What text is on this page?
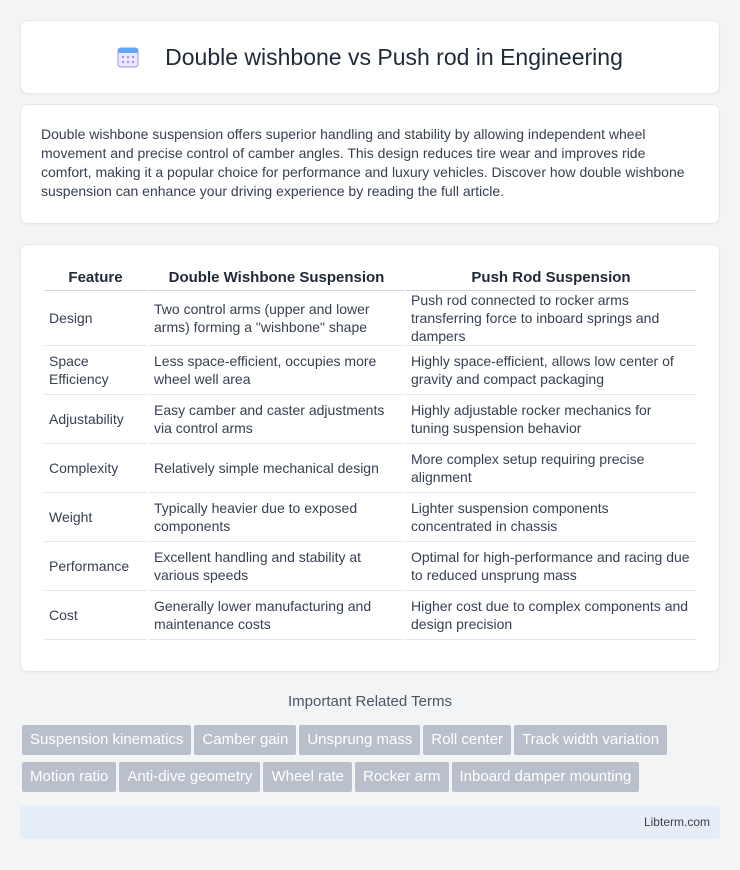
Double wishbone vs Push rod in Engineering

Double wishbone suspension offers superior handling and stability by allowing independent wheel movement and precise control of camber angles. This design reduces tire wear and improves ride comfort, making it a popular choice for performance and luxury vehicles. Discover how double wishbone suspension can enhance your driving experience by reading the full article.

Feature	Double Wishbone Suspension	Push Rod Suspension
Design	Two control arms (upper and lower arms) forming a "wishbone" shape	Push rod connected to rocker arms transferring force to inboard springs and dampers
Space Efficiency	Less space-efficient, occupies more wheel well area	Highly space-efficient, allows low center of gravity and compact packaging
Adjustability	Easy camber and caster adjustments via control arms	Highly adjustable rocker mechanics for tuning suspension behavior
Complexity	Relatively simple mechanical design	More complex setup requiring precise alignment
Weight	Typically heavier due to exposed components	Lighter suspension components concentrated in chassis
Performance	Excellent handling and stability at various speeds	Optimal for high-performance and racing due to reduced unsprung mass
Cost	Generally lower manufacturing and maintenance costs	Higher cost due to complex components and design precision
Important Related Terms
Suspension kinematics Camber gain Unsprung mass Roll center Track width variationMotion ratio Anti-dive geometry Wheel rate Rocker arm Inboard damper mounting
Libterm.com
